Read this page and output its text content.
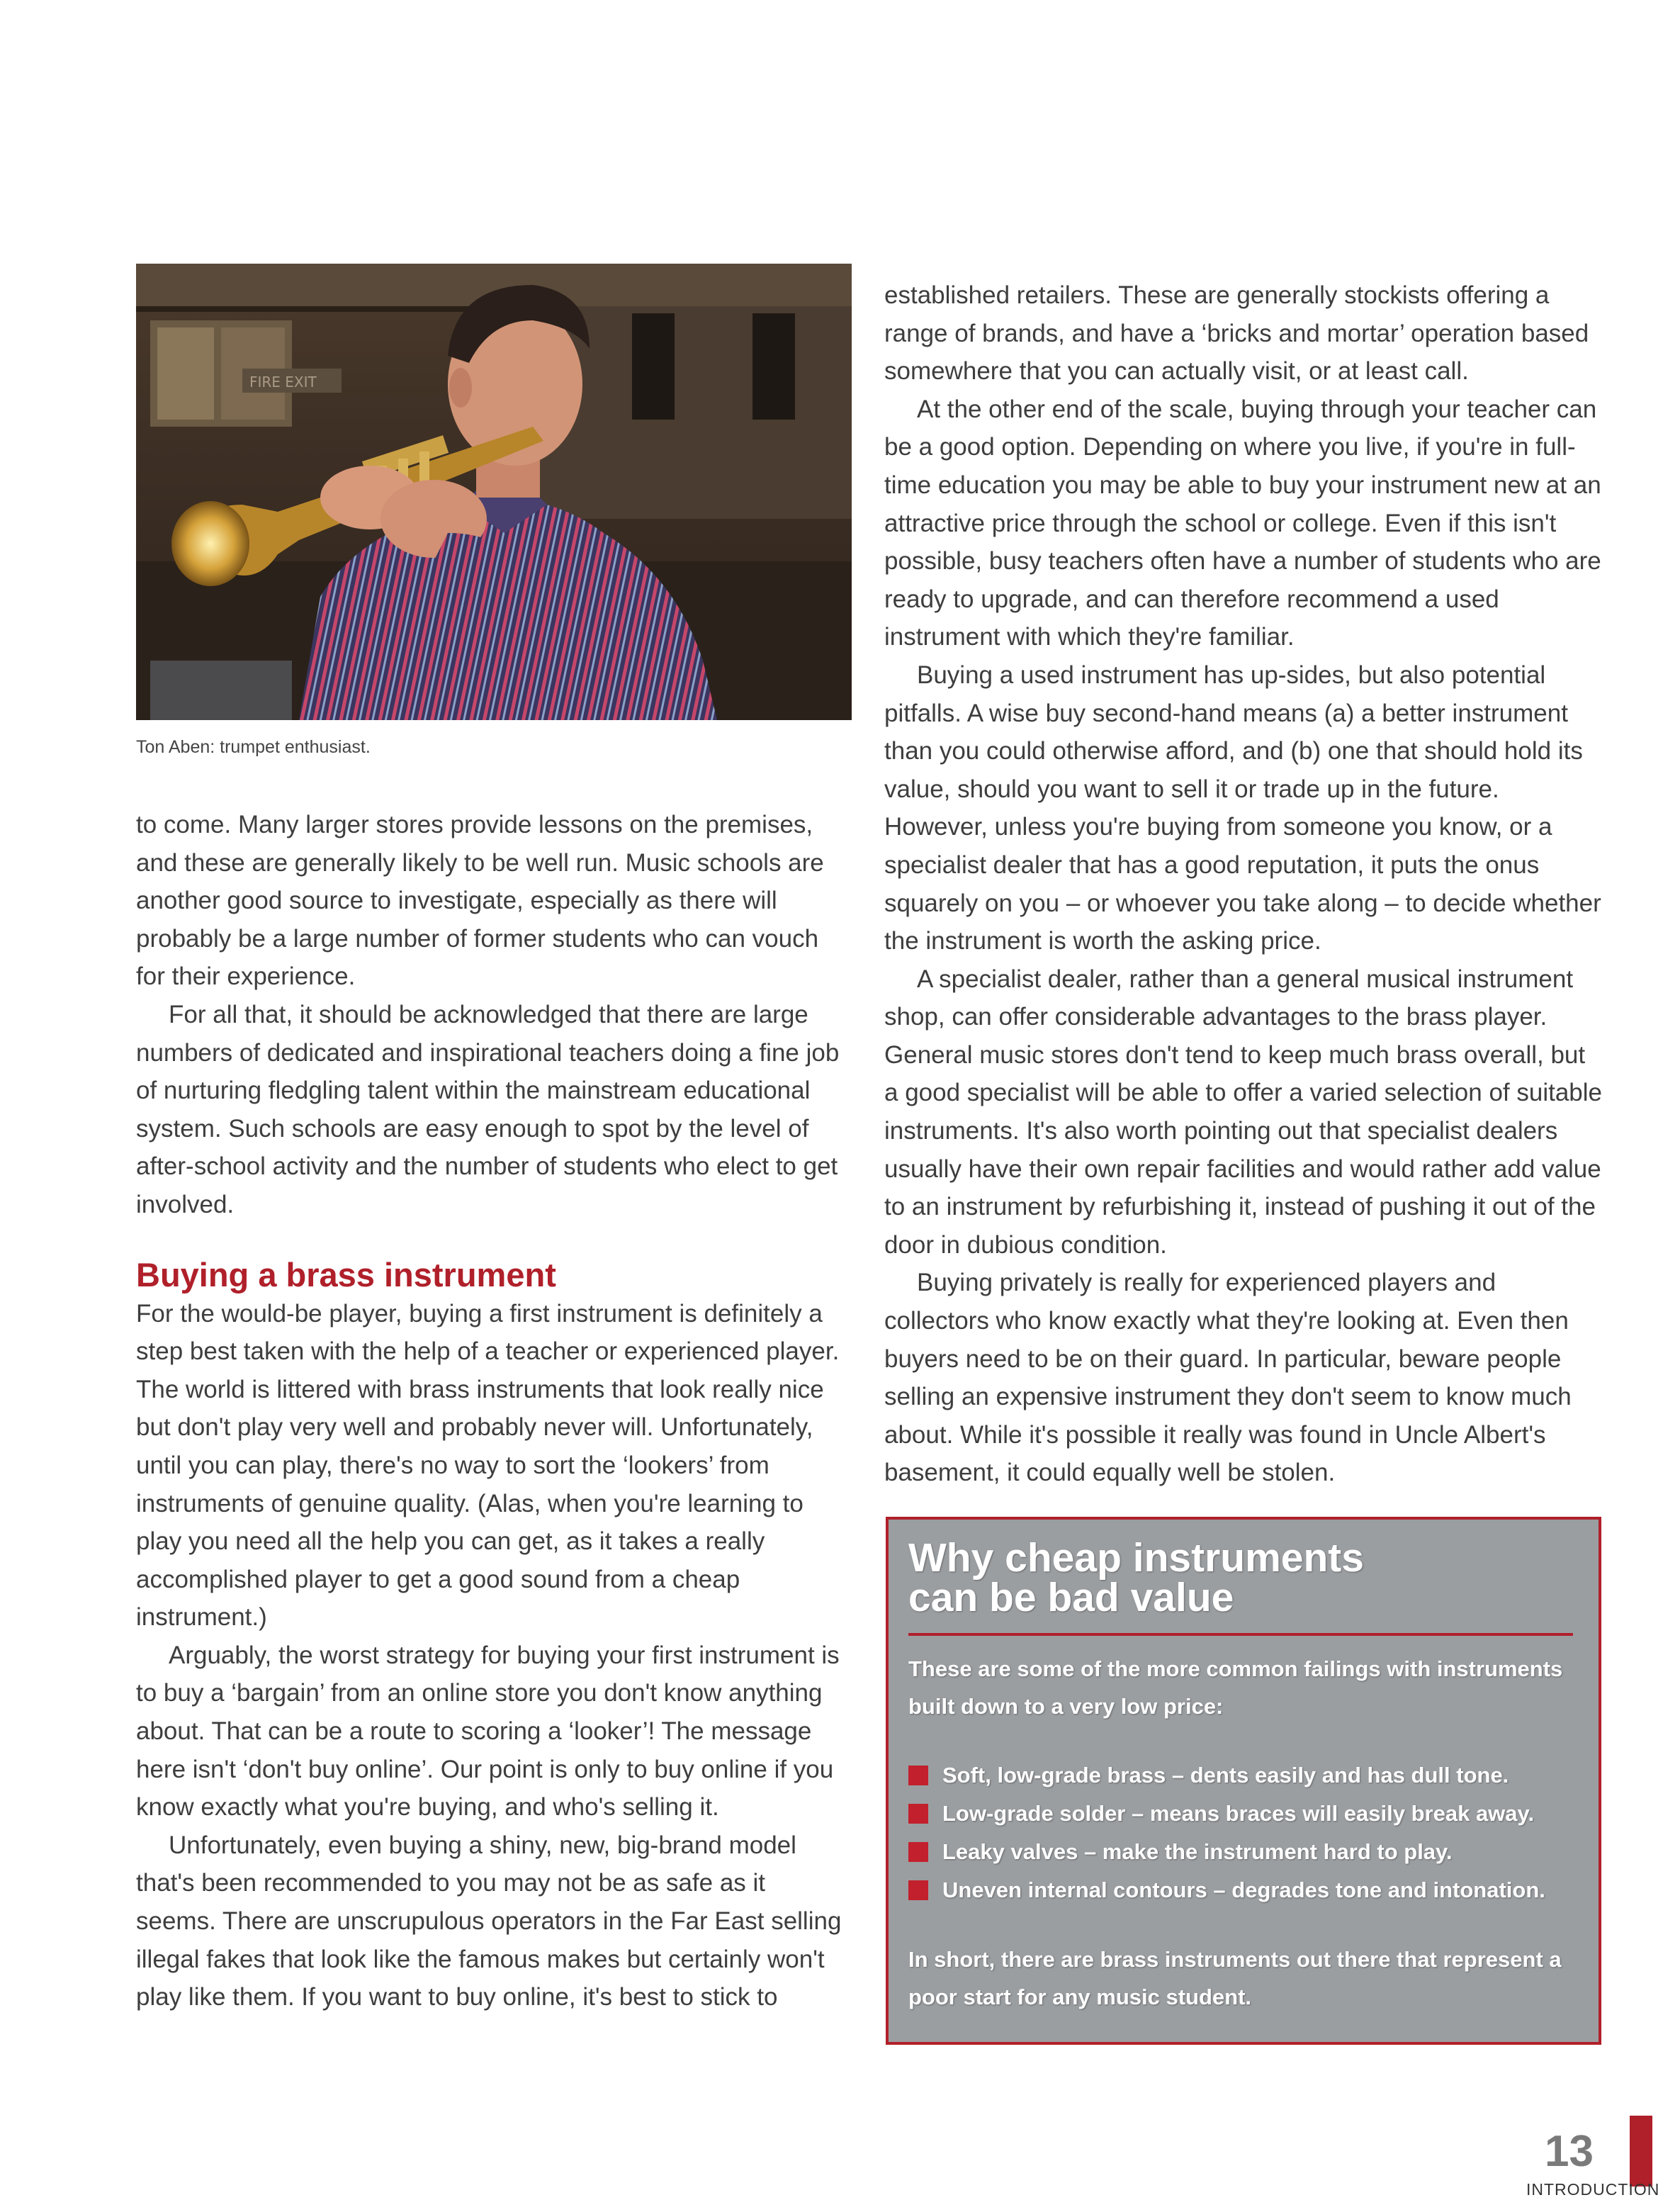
FIRE EXIT
Ton Aben: trumpet enthusiast.

to come. Many larger stores provide lessons on the premises, and these are generally likely to be well run. Music schools are another good source to investigate, especially as there will probably be a large number of former students who can vouch for their experience.

For all that, it should be acknowledged that there are large numbers of dedicated and inspirational teachers doing a fine job of nurturing fledgling talent within the mainstream educational system. Such schools are easy enough to spot by the level of after-school activity and the number of students who elect to get involved.

Buying a brass instrument

For the would-be player, buying a first instrument is definitely a step best taken with the help of a teacher or experienced player. The world is littered with brass instruments that look really nice but don't play very well and probably never will. Unfortunately, until you can play, there's no way to sort the ‘lookers’ from instruments of genuine quality. (Alas, when you're learning to play you need all the help you can get, as it takes a really accomplished player to get a good sound from a cheap instrument.)

Arguably, the worst strategy for buying your first instrument is to buy a ‘bargain’ from an online store you don't know anything about. That can be a route to scoring a ‘looker’! The message here isn't ‘don't buy online’. Our point is only to buy online if you know exactly what you're buying, and who's selling it.

Unfortunately, even buying a shiny, new, big-brand model that's been recommended to you may not be as safe as it seems. There are unscrupulous operators in the Far East selling illegal fakes that look like the famous makes but certainly won't play like them. If you want to buy online, it's best to stick to

established retailers. These are generally stockists offering a range of brands, and have a ‘bricks and mortar’ operation based somewhere that you can actually visit, or at least call.

At the other end of the scale, buying through your teacher can be a good option. Depending on where you live, if you're in full-time education you may be able to buy your instrument new at an attractive price through the school or college. Even if this isn't possible, busy teachers often have a number of students who are ready to upgrade, and can therefore recommend a used instrument with which they're familiar.

Buying a used instrument has up-sides, but also potential pitfalls. A wise buy second-hand means (a) a better instrument than you could otherwise afford, and (b) one that should hold its value, should you want to sell it or trade up in the future. However, unless you're buying from someone you know, or a specialist dealer that has a good reputation, it puts the onus squarely on you – or whoever you take along – to decide whether the instrument is worth the asking price.

A specialist dealer, rather than a general musical instrument shop, can offer considerable advantages to the brass player. General music stores don't tend to keep much brass overall, but a good specialist will be able to offer a varied selection of suitable instruments. It's also worth pointing out that specialist dealers usually have their own repair facilities and would rather add value to an instrument by refurbishing it, instead of pushing it out of the door in dubious condition.

Buying privately is really for experienced players and collectors who know exactly what they're looking at. Even then buyers need to be on their guard. In particular, beware people selling an expensive instrument they don't seem to know much about. While it's possible it really was found in Uncle Albert's basement, it could equally well be stolen.

Why cheap instruments
can be bad value

These are some of the more common failings with instruments built down to a very low price:

Soft, low-grade brass – dents easily and has dull tone.
Low-grade solder – means braces will easily break away.
Leaky valves – make the instrument hard to play.
Uneven internal contours – degrades tone and intonation.

In short, there are brass instruments out there that represent a poor start for any music student.

13
INTRODUCTION
